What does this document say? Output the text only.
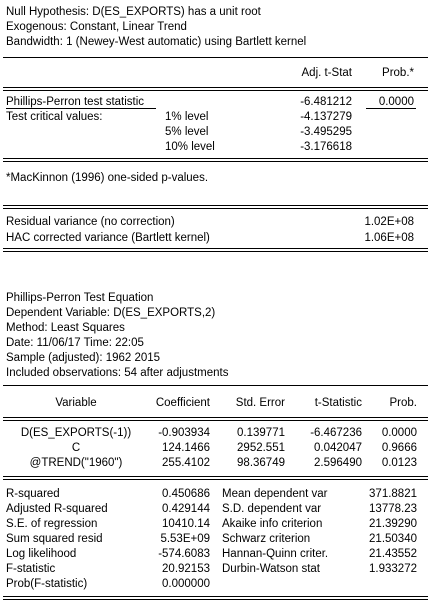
Null Hypothesis: D(ES_EXPORTS) has a unit root
Exogenous: Constant, Linear Trend
Bandwidth: 1 (Newey-West automatic) using Bartlett kernel
Adj. t-Stat	Prob.*
Phillips-Perron test statistic	-6.481212	0.0000
Test critical values:	1% level	-4.137279
5% level	-3.495295
10% level	-3.176618
*MacKinnon (1996) one-sided p-values.
Residual variance (no correction)	1.02E+08
HAC corrected variance (Bartlett kernel)	1.06E+08
Phillips-Perron Test Equation
Dependent Variable: D(ES_EXPORTS,2)
Method: Least Squares
Date: 11/06/17 Time: 22:05
Sample (adjusted): 1962 2015
Included observations: 54 after adjustments
Variable	Coefficient	Std. Error	t-Statistic	Prob.
D(ES_EXPORTS(-1))	-0.903934	0.139771	-6.467236	0.0000
C	124.1466	2952.551	0.042047	0.9666
@TREND("1960")	255.4102	98.36749	2.596490	0.0123
R-squared	0.450686 Mean dependent var	371.8821
Adjusted R-squared	0.429144 S.D. dependent var	13778.23
S.E. of regression	10410.14 Akaike info criterion	21.39290
Sum squared resid	5.53E+09 Schwarz criterion	21.50340
Log likelihood	-574.6083 Hannan-Quinn criter.	21.43552
F-statistic	20.92153 Durbin-Watson stat	1.933272
Prob(F-statistic)	0.000000
